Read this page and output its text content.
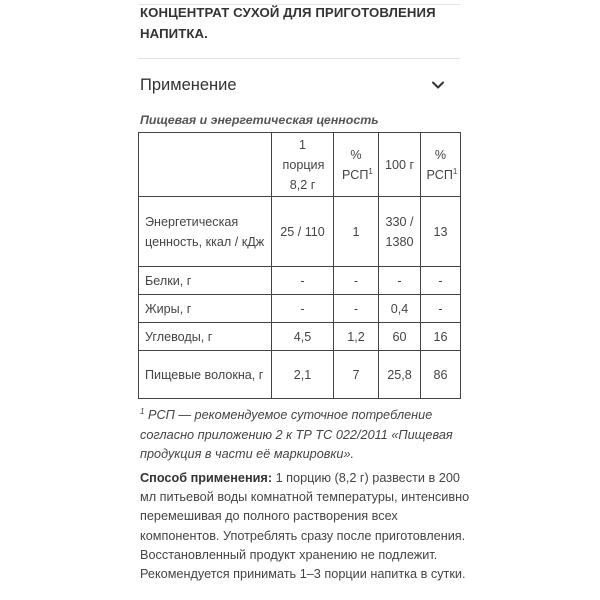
КОНЦЕНТРАТ СУХОЙ ДЛЯ ПРИГОТОВЛЕНИЯ НАПИТКА.
Применение
Пищевая и энергетическая ценность

	1 порция 8,2 г	% РСП$^1$	100 г	% РСП$^1$

Энергетическая ценность, ккал / кДж	25 / 110	1	330 / 1380	13
Белки, г	-	-	-	-
Жиры, г	-	-	0,4	-
Углеводы, г	4,5	1,2	60	16
Пищевые волокна, г	2,1	7	25,8	86
$^1$ РСП — рекомендуемое суточное потребление согласно приложению 2 к ТР ТС 022/2011 «Пищевая продукция в части её маркировки».
Способ применения: 1 порцию (8,2 г) развести в 200 мл питьевой воды комнатной температуры, интенсивно перемешивая до полного растворения всех компонентов. Употреблять сразу после приготовления. Восстановленный продукт хранению не подлежит. Рекомендуется принимать 1–3 порции напитка в сутки.
